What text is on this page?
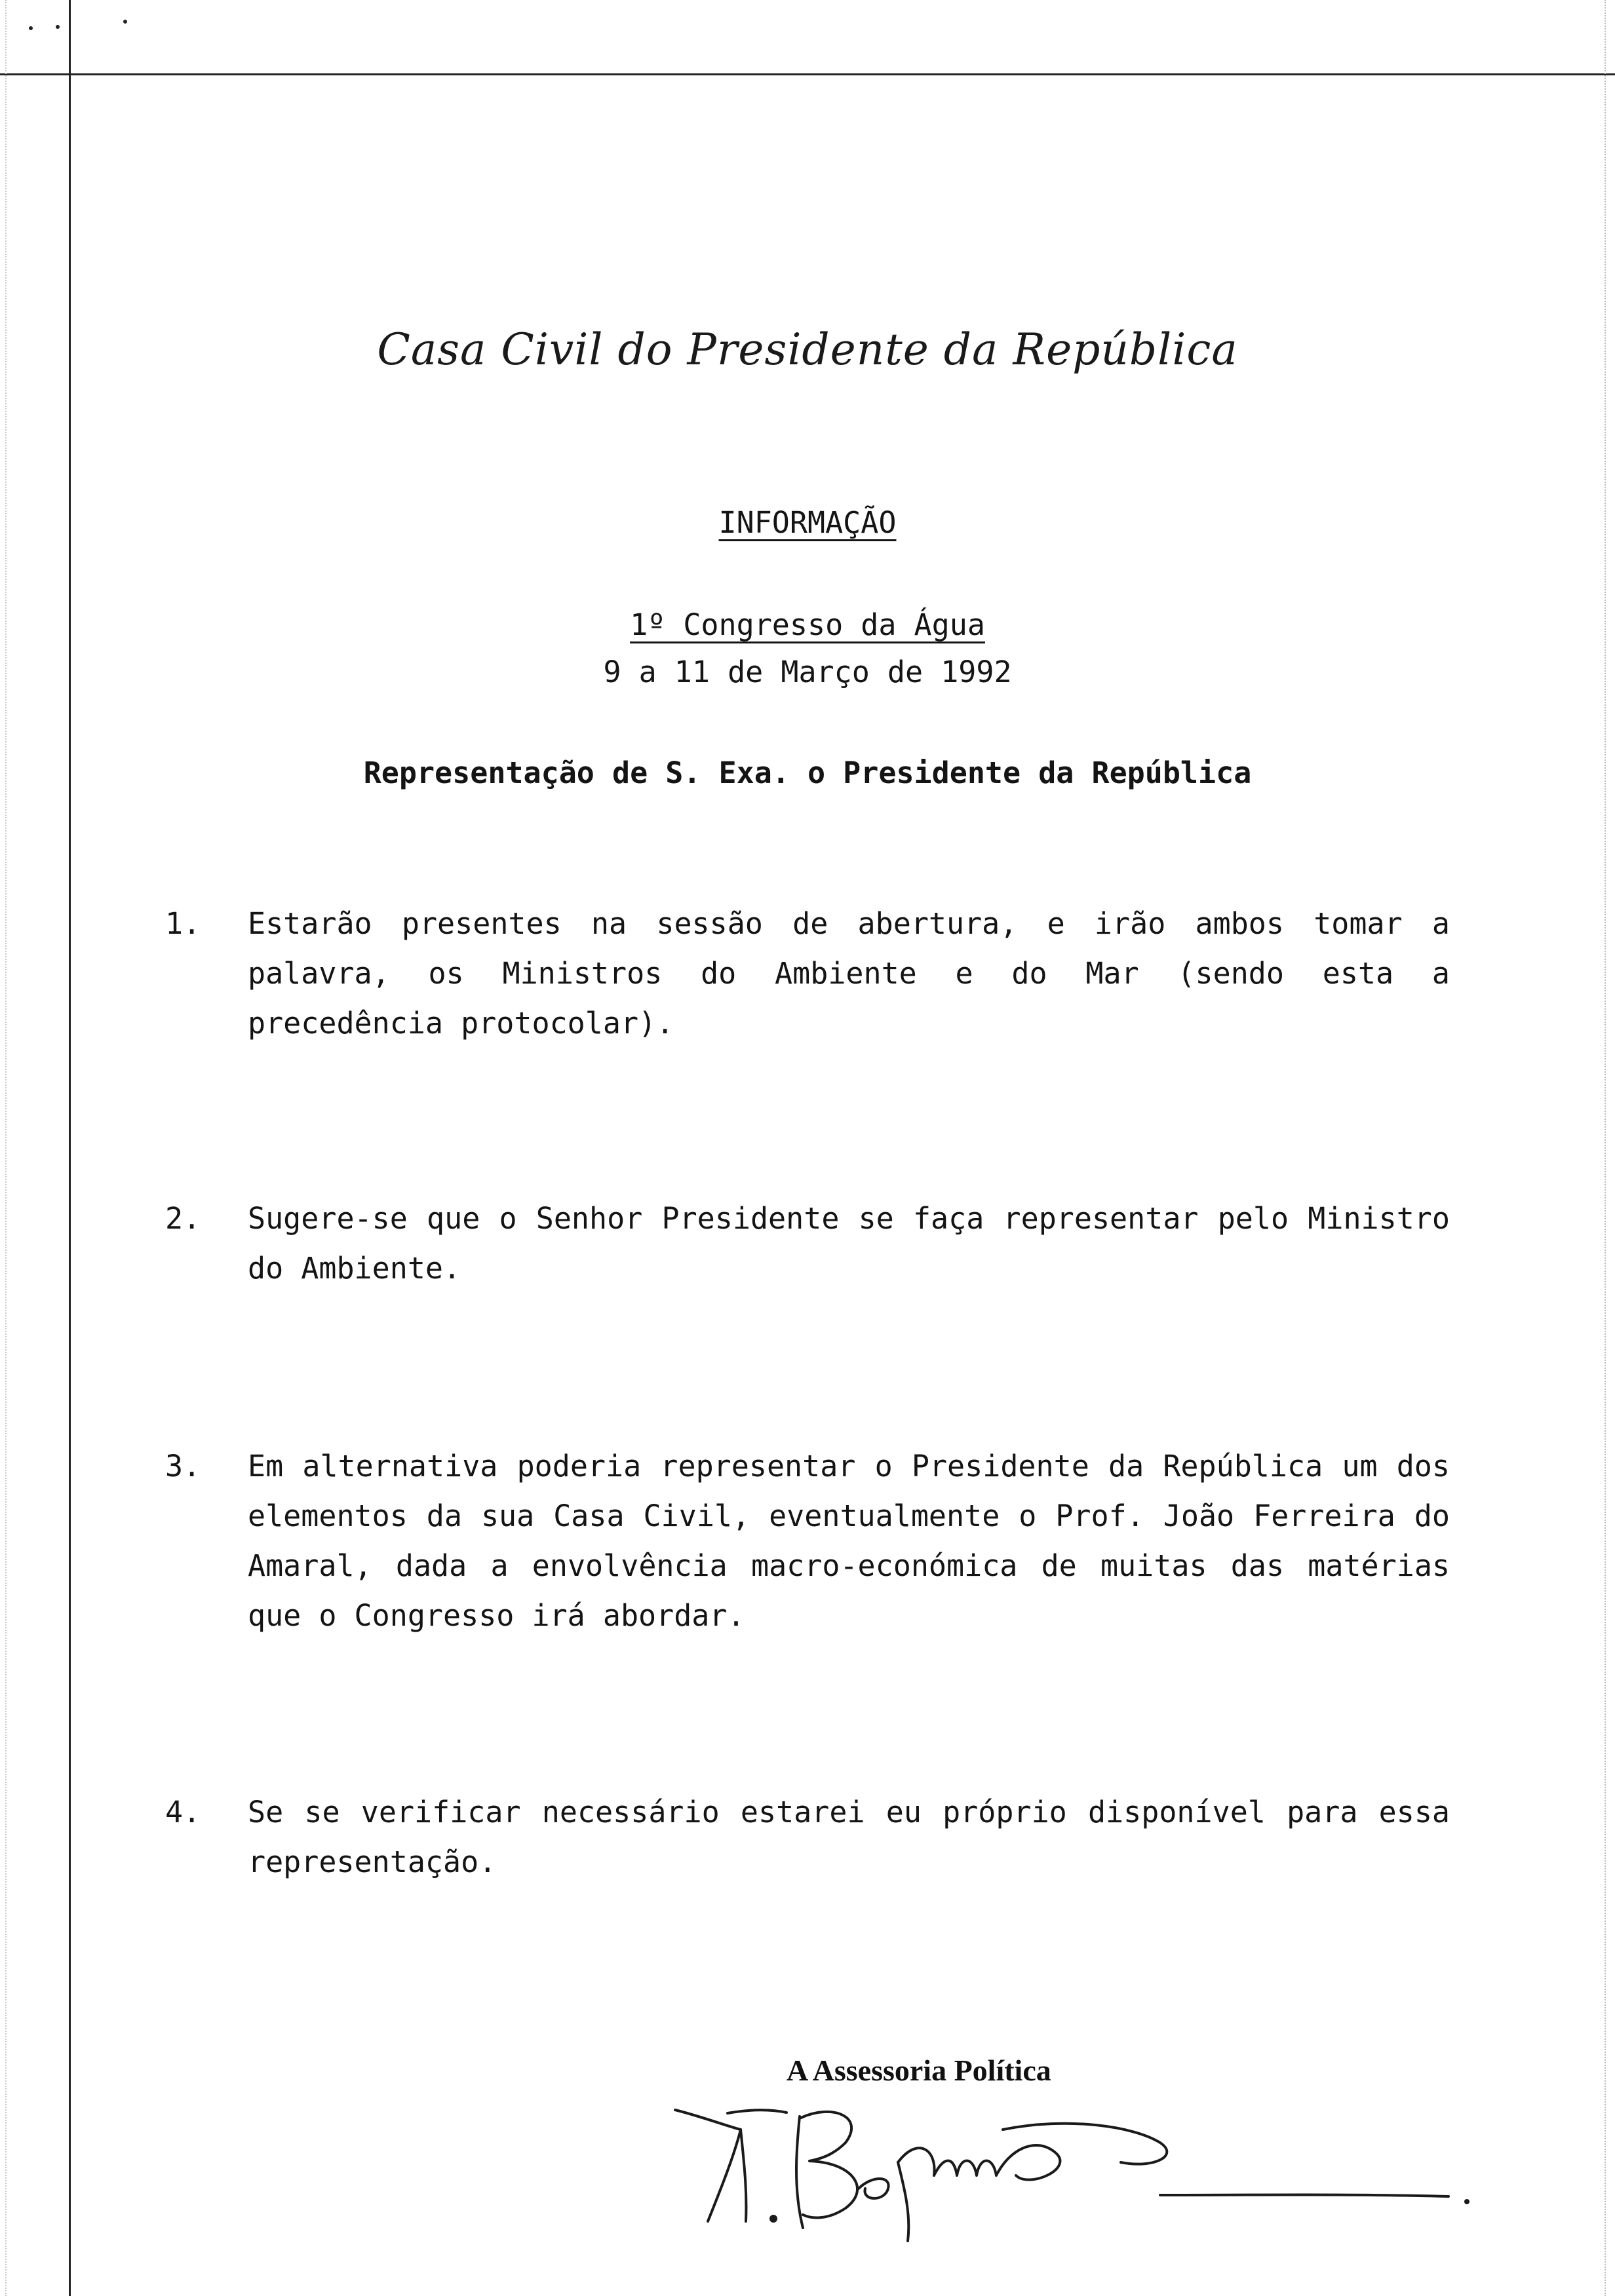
Casa Civil do Presidente da República
INFORMAÇÃO
1º Congresso da Água
9 a 11 de Março de 1992
Representação de S. Exa. o Presidente da República
1.	Estarão presentes na sessão de abertura, e irão ambos tomar a palavra, os Ministros do Ambiente e do Mar (sendo esta a precedência protocolar).
2.	Sugere-se que o Senhor Presidente se faça representar pelo Ministro do Ambiente.
3.	Em alternativa poderia representar o Presidente da República um dos elementos da sua Casa Civil, eventualmente o Prof. João Ferreira do Amaral, dada a envolvência macro-económica de muitas das matérias que o Congresso irá abordar.
4.	Se se verificar necessário estarei eu próprio disponível para essa representação.
A Assessoria Política
